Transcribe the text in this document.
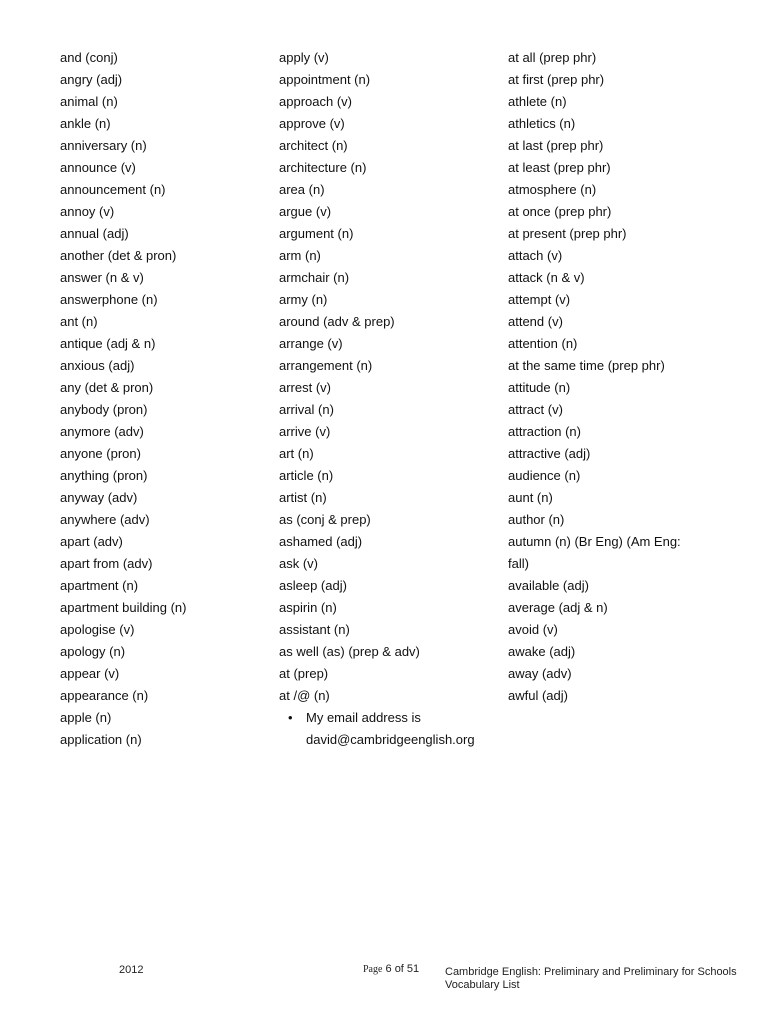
and (conj)
angry (adj)
animal (n)
ankle (n)
anniversary (n)
announce (v)
announcement (n)
annoy (v)
annual (adj)
another (det & pron)
answer (n & v)
answerphone (n)
ant (n)
antique (adj & n)
anxious (adj)
any (det & pron)
anybody (pron)
anymore (adv)
anyone (pron)
anything (pron)
anyway (adv)
anywhere (adv)
apart (adv)
apart from (adv)
apartment (n)
apartment building (n)
apologise (v)
apology (n)
appear (v)
appearance (n)
apple (n)
application (n)
apply (v)
appointment (n)
approach (v)
approve (v)
architect (n)
architecture (n)
area (n)
argue (v)
argument (n)
arm (n)
armchair (n)
army (n)
around (adv & prep)
arrange (v)
arrangement (n)
arrest (v)
arrival (n)
arrive (v)
art (n)
article (n)
artist (n)
as (conj & prep)
ashamed (adj)
ask (v)
asleep (adj)
aspirin (n)
assistant (n)
as well (as) (prep & adv)
at (prep)
at /@ (n)
• My email address is
david@cambridgeenglish.org
at all (prep phr)
at first (prep phr)
athlete (n)
athletics (n)
at last (prep phr)
at least (prep phr)
atmosphere (n)
at once (prep phr)
at present (prep phr)
attach (v)
attack (n & v)
attempt (v)
attend (v)
attention (n)
at the same time (prep phr)
attitude (n)
attract (v)
attraction (n)
attractive (adj)
audience (n)
aunt (n)
author (n)
autumn (n) (Br Eng) (Am Eng:
fall)
available (adj)
average (adj & n)
avoid (v)
awake (adj)
away (adv)
awful (adj)
2012	Page 6 of 51 Cambridge English: Preliminary and Preliminary for Schools
Vocabulary List
